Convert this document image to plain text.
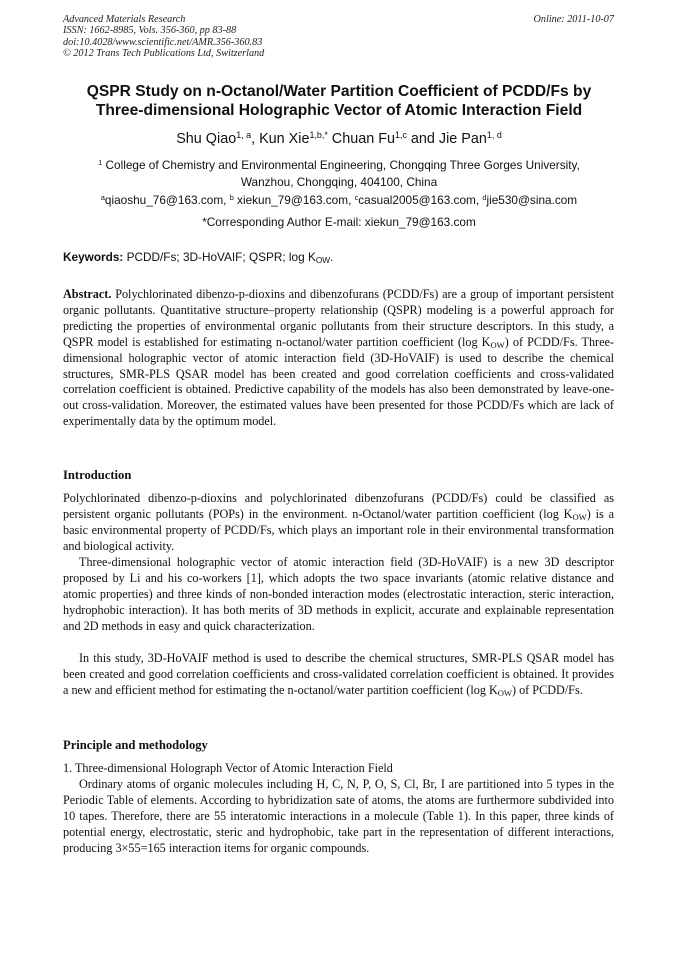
Advanced Materials Research
ISSN: 1662-8985, Vols. 356-360, pp 83-88
doi:10.4028/www.scientific.net/AMR.356-360.83
© 2012 Trans Tech Publications Ltd, Switzerland
Online: 2011-10-07
QSPR Study on n-Octanol/Water Partition Coefficient of PCDD/Fs by
Three-dimensional Holographic Vector of Atomic Interaction Field
Shu Qiao$^{1, a}$, Kun Xie$^{1,b,*}$ Chuan Fu$^{1,c}$ and Jie Pan$^{1, d}$
$^1$ College of Chemistry and Environmental Engineering, Chongqing Three Gorges University,
Wanzhou, Chongqing, 404100, China
$^a$qiaoshu_76@163.com, $^b$ xiekun_79@163.com, $^c$casual2005@163.com, $^d$jie530@sina.com
*Corresponding Author E-mail: xiekun_79@163.com
Keywords: PCDD/Fs; 3D-HoVAIF; QSPR; $\log K_{OW}$.
Abstract. Polychlorinated dibenzo-p-dioxins and dibenzofurans (PCDD/Fs) are a group of important persistent organic pollutants. Quantitative structure–property relationship (QSPR) modeling is a powerful approach for predicting the properties of environmental organic pollutants from their structure descriptors. In this study, a QSPR model is established for estimating n-octanol/water partition coefficient (log $K_{OW}$) of PCDD/Fs. Three-dimensional holographic vector of atomic interaction field (3D-HoVAIF) is used to describe the chemical structures, SMR-PLS QSAR model has been created and good correlation coefficients and cross-validated correlation coefficient is obtained. Predictive capability of the models has also been demonstrated by leave-one-out cross-validation. Moreover, the estimated values have been presented for those PCDD/Fs which are lack of experimentally data by the optimum model.
Introduction
Polychlorinated dibenzo-p-dioxins and polychlorinated dibenzofurans (PCDD/Fs) could be classified as persistent organic pollutants (POPs) in the environment. n-Octanol/water partition coefficient (log $K_{OW}$) is a basic environmental property of PCDD/Fs, which plays an important role in their environmental transformation and biological activity.
Three-dimensional holographic vector of atomic interaction field (3D-HoVAIF) is a new 3D descriptor proposed by Li and his co-workers [1], which adopts the two space invariants (atomic relative distance and atomic properties) and three kinds of non-bonded interaction modes (electrostatic interaction, steric interaction, hydrophobic interaction). It has both merits of 3D methods in explicit, accurate and explainable representation and 2D methods in easy and quick characterization.
In this study, 3D-HoVAIF method is used to describe the chemical structures, SMR-PLS QSAR model has been created and good correlation coefficients and cross-validated correlation coefficient is obtained. It provides a new and efficient method for estimating the n-octanol/water partition coefficient (log $K_{OW}$) of PCDD/Fs.
Principle and methodology
1. Three-dimensional Holograph Vector of Atomic Interaction Field
Ordinary atoms of organic molecules including H, C, N, P, O, S, Cl, Br, I are partitioned into 5 types in the Periodic Table of elements. According to hybridization sate of atoms, the atoms are furthermore subdivided into 10 tapes. Therefore, there are 55 interatomic interactions in a molecule (Table 1). In this paper, three kinds of potential energy, electrostatic, steric and hydrophobic, take part in the representation of different interactions, producing 3×55=165 interaction items for organic compounds.
